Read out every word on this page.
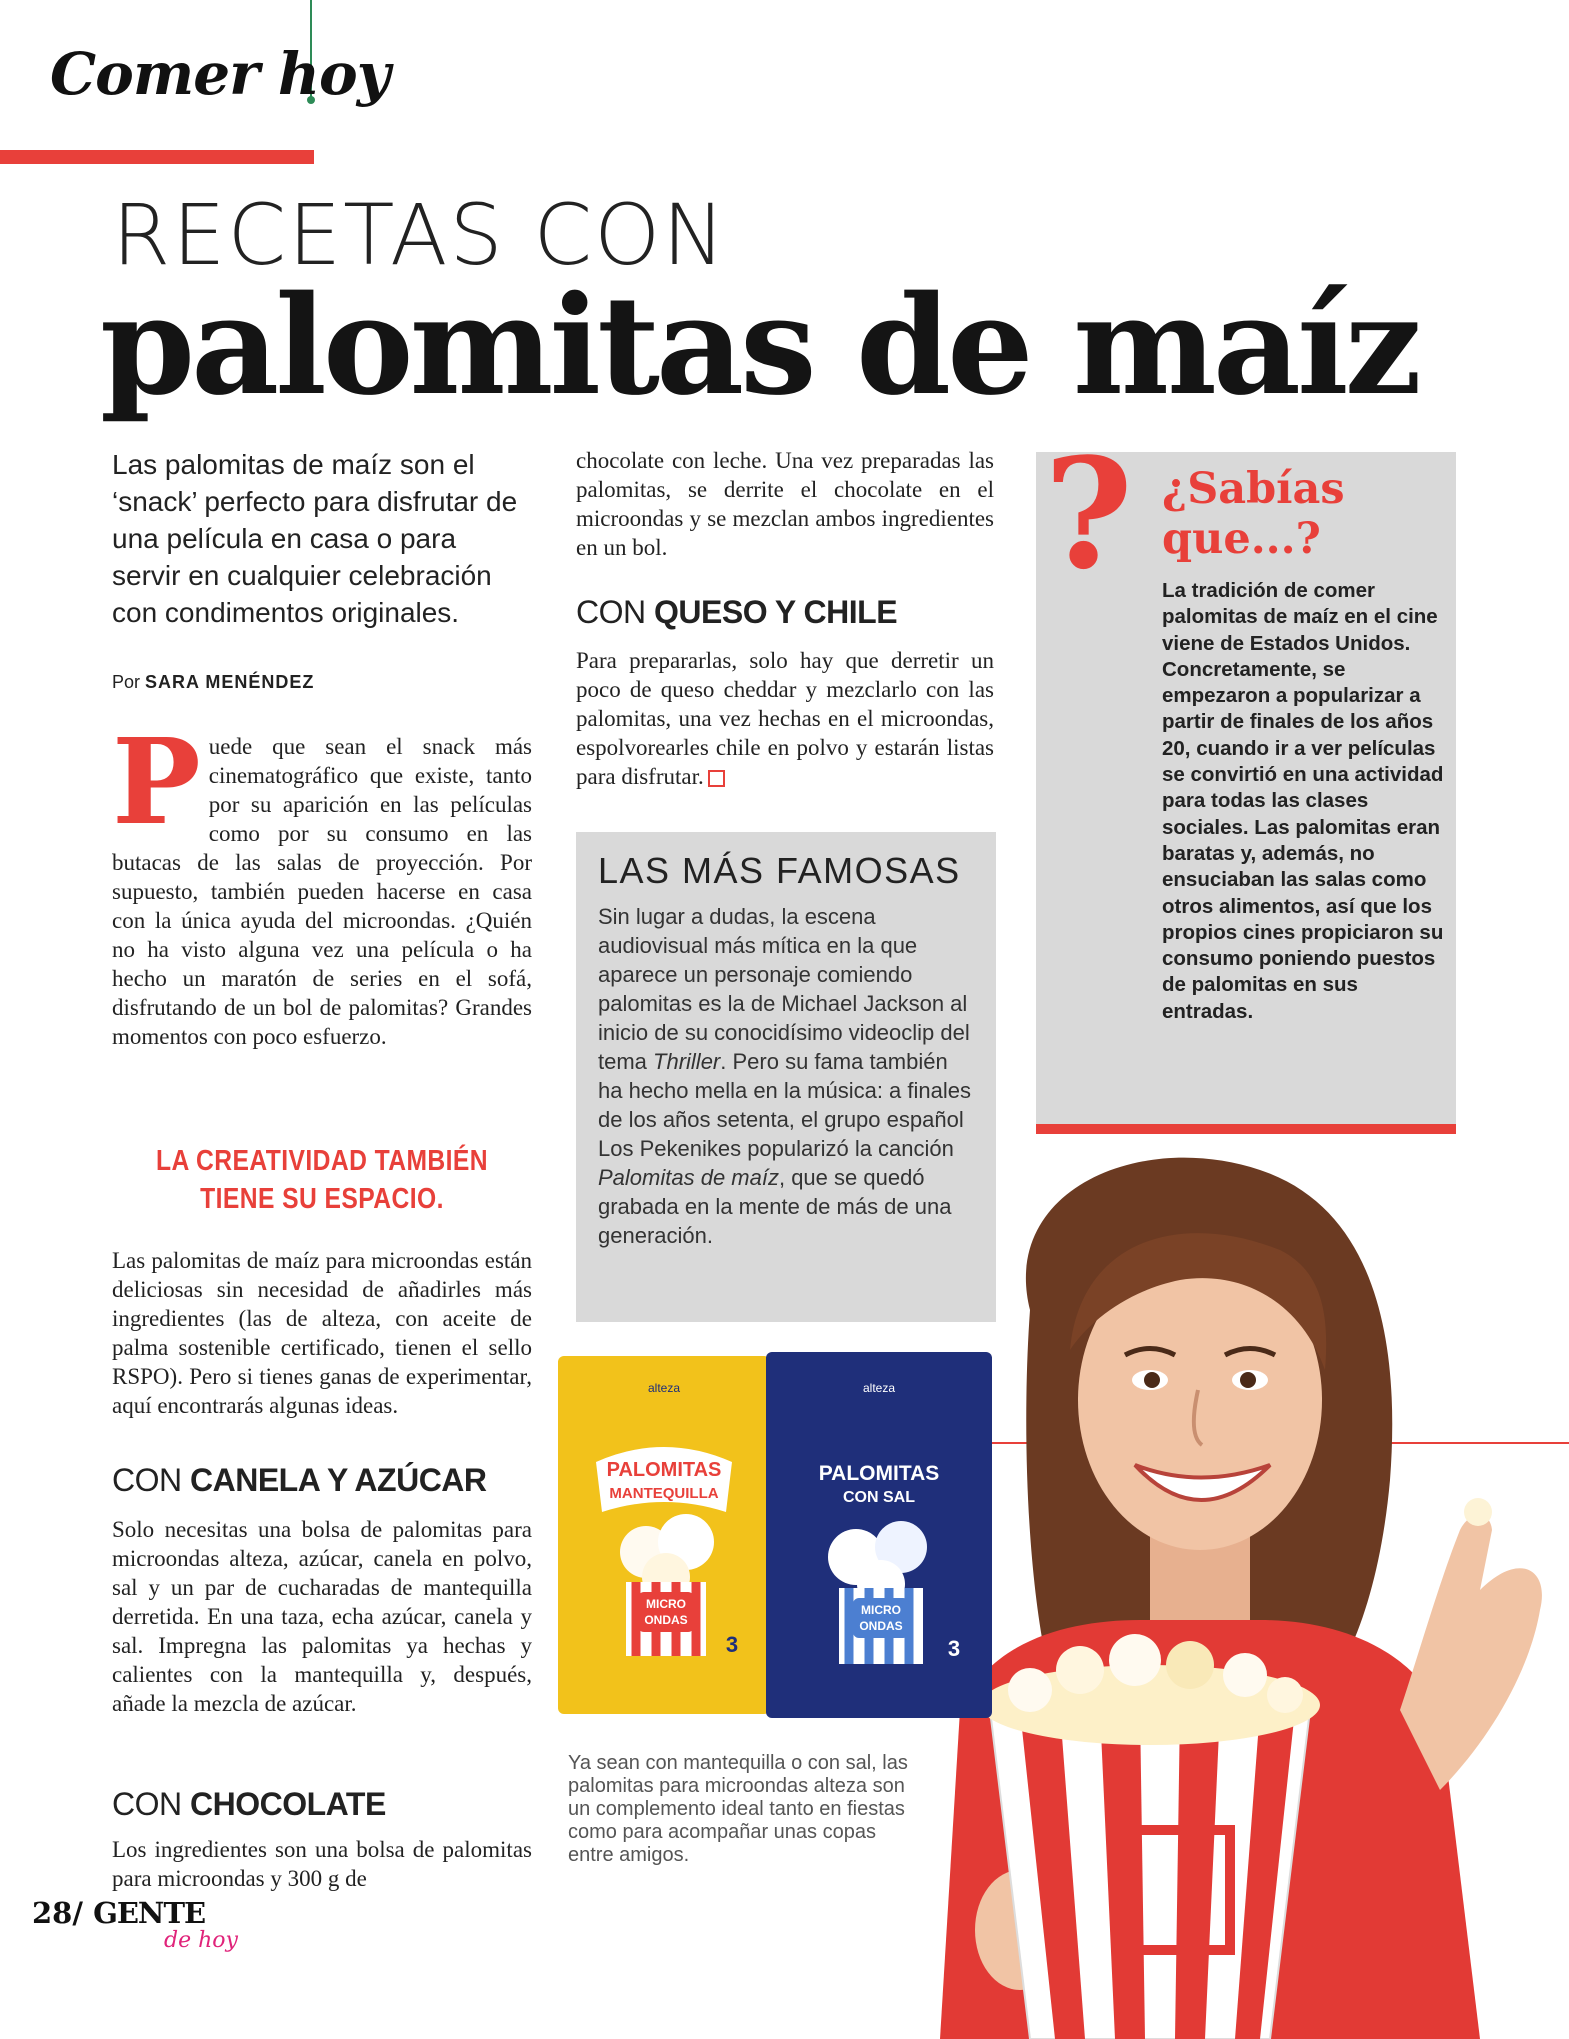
Comer hoy
RECETAS CON
palomitas de maíz
Las palomitas de maíz son el ‘snack’ perfecto para disfrutar de una película en casa o para servir en cualquier celebración con condimentos originales.
Por SARA MENÉNDEZ
Puede que sean el snack más cinematográfico que existe, tanto por su aparición en las películas como por su consumo en las butacas de las salas de proyección. Por supuesto, también pueden hacerse en casa con la única ayuda del microondas. ¿Quién no ha visto alguna vez una película o ha hecho un maratón de series en el sofá, disfrutando de un bol de palomitas? Grandes momentos con poco esfuerzo.
LA CREATIVIDAD TAMBIÉN TIENE SU ESPACIO.
Las palomitas de maíz para microondas están deliciosas sin necesidad de añadirles más ingredientes (las de alteza, con aceite de palma sostenible certificado, tienen el sello RSPO). Pero si tienes ganas de experimentar, aquí encontrarás algunas ideas.
CON CANELA Y AZÚCAR
Solo necesitas una bolsa de palomitas para microondas alteza, azúcar, canela en polvo, sal y un par de cucharadas de mantequilla derretida. En una taza, echa azúcar, canela y sal. Impregna las palomitas ya hechas y calientes con la mantequilla y, después, añade la mezcla de azúcar.
CON CHOCOLATE
Los ingredientes son una bolsa de palomitas para microondas y 300 g de
chocolate con leche. Una vez preparadas las palomitas, se derrite el chocolate en el microondas y se mezclan ambos ingredientes en un bol.
CON QUESO Y CHILE
Para prepararlas, solo hay que derretir un poco de queso cheddar y mezclarlo con las palomitas, una vez hechas en el microondas, espolvorearles chile en polvo y estarán listas para disfrutar.
LAS MÁS FAMOSAS
Sin lugar a dudas, la escena audiovisual más mítica en la que aparece un personaje comiendo palomitas es la de Michael Jackson al inicio de su conocidísimo videoclip del tema Thriller. Pero su fama también ha hecho mella en la música: a finales de los años setenta, el grupo español Los Pekenikes popularizó la canción Palomitas de maíz, que se quedó grabada en la mente de más de una generación.
? ¿Sabías
que...?
La tradición de comer palomitas de maíz en el cine viene de Estados Unidos. Concretamente, se empezaron a popularizar a partir de finales de los años 20, cuando ir a ver películas se convirtió en una actividad para todas las clases sociales. Las palomitas eran baratas y, además, no ensuciaban las salas como otros alimentos, así que los propios cines propiciaron su consumo poniendo puestos de palomitas en sus entradas.
alteza
PALOMITAS
MANTEQUILLA
MICRO
ONDAS
3
alteza
PALOMITAS
CON SAL
MICRO
ONDAS
3
Ya sean con mantequilla o con sal, las palomitas para microondas alteza son un complemento ideal tanto en fiestas como para acompañar unas copas entre amigos.
28/ GENTE
de hoy
